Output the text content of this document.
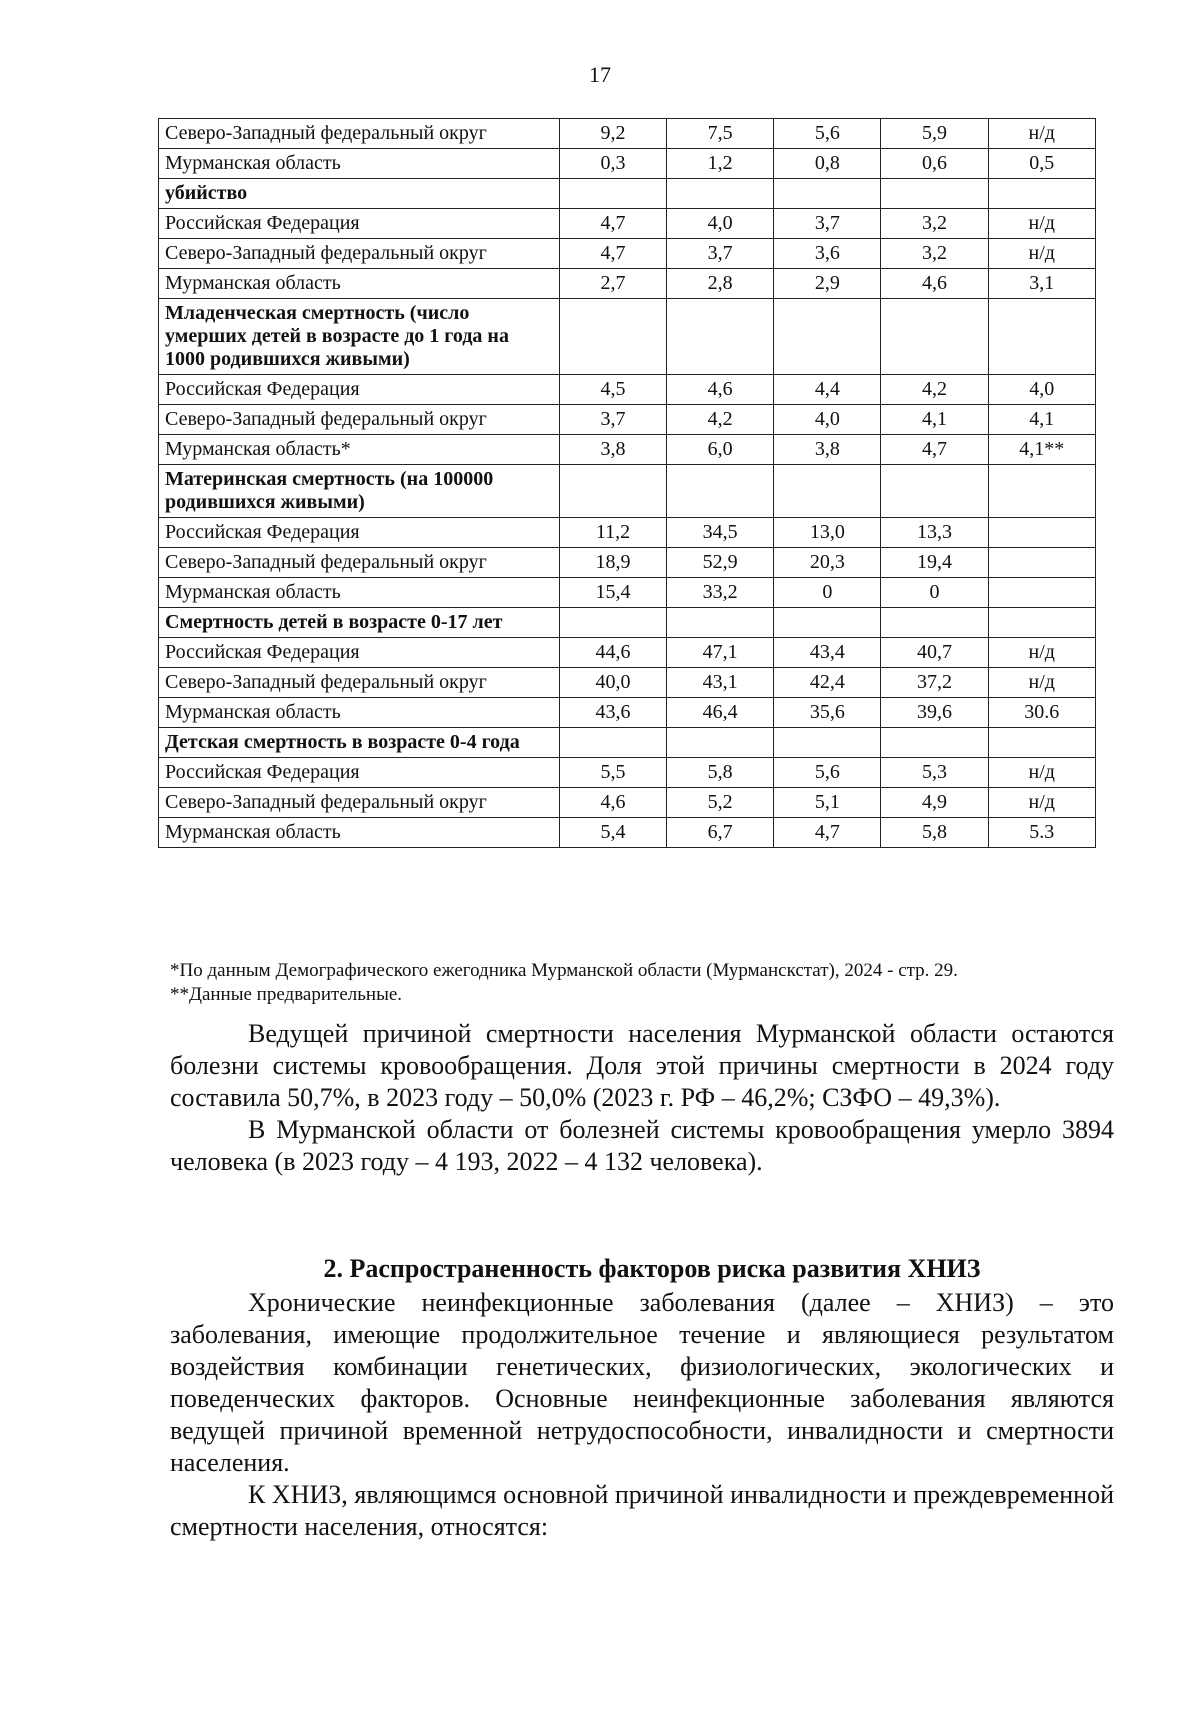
17
Северо-Западный федеральный округ	9,2	7,5	5,6	5,9	н/д
Мурманская область	0,3	1,2	0,8	0,6	0,5
убийство					
Российская Федерация	4,7	4,0	3,7	3,2	н/д
Северо-Западный федеральный округ	4,7	3,7	3,6	3,2	н/д
Мурманская область	2,7	2,8	2,9	4,6	3,1
Младенческая смертность (число умерших детей в возрасте до 1 года на 1000 родившихся живыми)					
Российская Федерация	4,5	4,6	4,4	4,2	4,0
Северо-Западный федеральный округ	3,7	4,2	4,0	4,1	4,1
Мурманская область*	3,8	6,0	3,8	4,7	4,1**
Материнская смертность (на 100000 родившихся живыми)					
Российская Федерация	11,2	34,5	13,0	13,3	
Северо-Западный федеральный округ	18,9	52,9	20,3	19,4	
Мурманская область	15,4	33,2	0	0	
Смертность детей в возрасте 0-17 лет					
Российская Федерация	44,6	47,1	43,4	40,7	н/д
Северо-Западный федеральный округ	40,0	43,1	42,4	37,2	н/д
Мурманская область	43,6	46,4	35,6	39,6	30.6
Детская смертность в возрасте 0-4 года					
Российская Федерация	5,5	5,8	5,6	5,3	н/д
Северо-Западный федеральный округ	4,6	5,2	5,1	4,9	н/д
Мурманская область	5,4	6,7	4,7	5,8	5.3

*По данным Демографического ежегодника Мурманской области (Мурманскстат), 2024 - стр. 29.

**Данные предварительные.

Ведущей причиной смертности населения Мурманской области остаются болезни системы кровообращения. Доля этой причины смертности в 2024 году составила 50,7%, в 2023 году – 50,0% (2023 г. РФ – 46,2%; СЗФО – 49,3%).

В Мурманской области от болезней системы кровообращения умерло 3894 человека (в 2023 году – 4 193, 2022 – 4 132 человека).

2. Распространенность факторов риска развития ХНИЗ

Хронические неинфекционные заболевания (далее – ХНИЗ) – это заболевания, имеющие продолжительное течение и являющиеся результатом воздействия комбинации генетических, физиологических, экологических и поведенческих факторов. Основные неинфекционные заболевания являются ведущей причиной временной нетрудоспособности, инвалидности и смертности населения.

К ХНИЗ, являющимся основной причиной инвалидности и преждевременной смертности населения, относятся:
